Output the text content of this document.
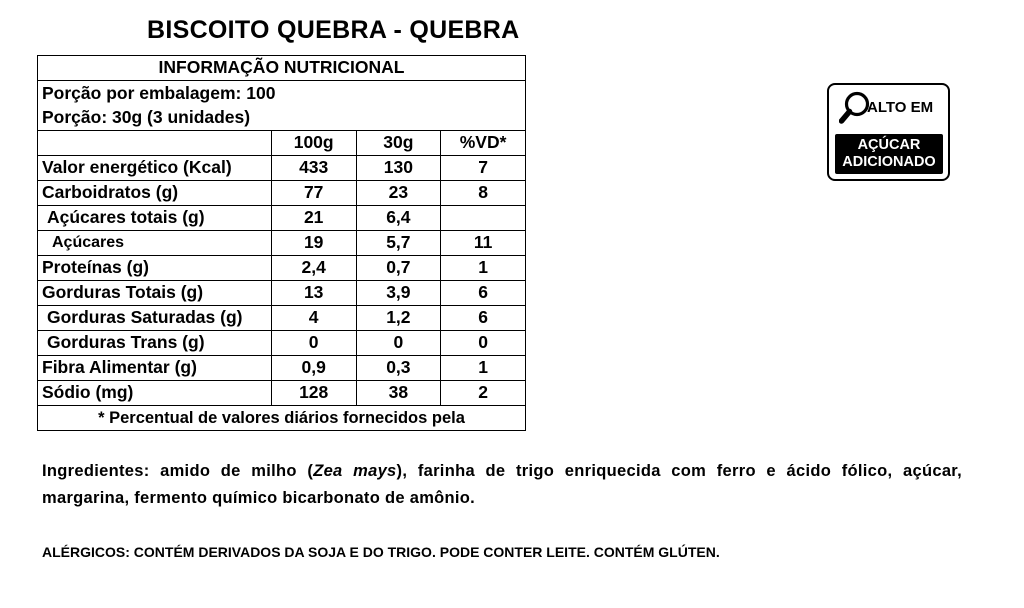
BISCOITO QUEBRA - QUEBRA
INFORMAÇÃO NUTRICIONAL			
Porção por embalagem: 100			
Porção: 30g (3 unidades)			
	100g	30g	%VD*
Valor energético (Kcal)	433	130	7
Carboidratos (g)	77	23	8
Açúcares totais (g)	21	6,4	
Açúcares	19	5,7	11
Proteínas (g)	2,4	0,7	1
Gorduras Totais (g)	13	3,9	6
Gorduras Saturadas (g)	4	1,2	6
Gorduras Trans (g)	0	0	0
Fibra Alimentar (g)	0,9	0,3	1
Sódio (mg)	128	38	2
* Percentual de valores diários fornecidos pela			
ALTO EM
AÇÚCAR
ADICIONADO

Ingredientes: amido de milho (Zea mays), farinha de trigo enriquecida com ferro e ácido fólico, açúcar, margarina, fermento químico bicarbonato de amônio.

ALÉRGICOS: CONTÉM DERIVADOS DA SOJA E DO TRIGO. PODE CONTER LEITE. CONTÉM GLÚTEN.
